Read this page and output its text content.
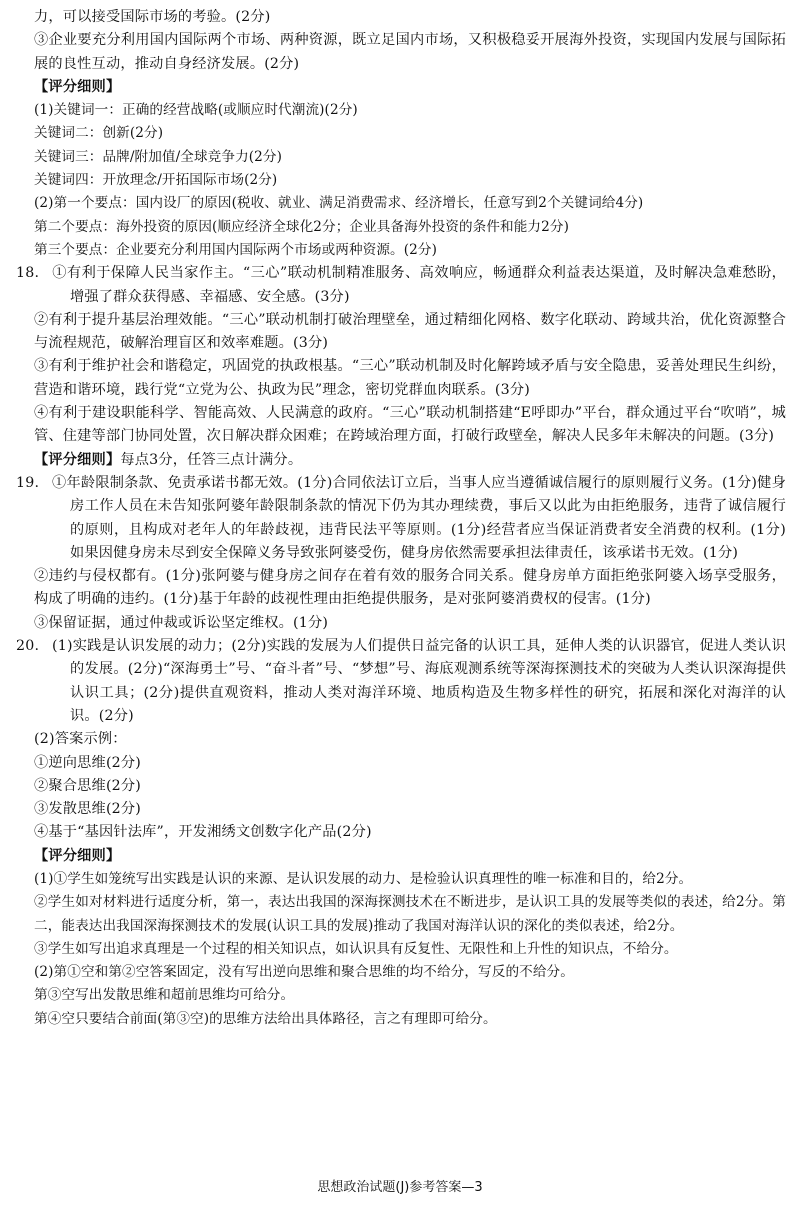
力，可以接受国际市场的考验。(2分)

③企业要充分利用国内国际两个市场、两种资源，既立足国内市场，又积极稳妥开展海外投资，实现国内发展与国际拓展的良性互动，推动自身经济发展。(2分)

【评分细则】

(1)关键词一：正确的经营战略(或顺应时代潮流)(2分)

关键词二：创新(2分)

关键词三：品牌/附加值/全球竞争力(2分)

关键词四：开放理念/开拓国际市场(2分)

(2)第一个要点：国内设厂的原因(税收、就业、满足消费需求、经济增长，任意写到2个关键词给4分)

第二个要点：海外投资的原因(顺应经济全球化2分；企业具备海外投资的条件和能力2分)

第三个要点：企业要充分利用国内国际两个市场或两种资源。(2分)

18. ①有利于保障人民当家作主。“三心”联动机制精准服务、高效响应，畅通群众利益表达渠道，及时解决急难愁盼，增强了群众获得感、幸福感、安全感。(3分)

②有利于提升基层治理效能。“三心”联动机制打破治理壁垒，通过精细化网格、数字化联动、跨域共治，优化资源整合与流程规范，破解治理盲区和效率难题。(3分)

③有利于维护社会和谐稳定，巩固党的执政根基。“三心”联动机制及时化解跨域矛盾与安全隐患，妥善处理民生纠纷，营造和谐环境，践行党“立党为公、执政为民”理念，密切党群血肉联系。(3分)

④有利于建设职能科学、智能高效、人民满意的政府。“三心”联动机制搭建“E呼即办”平台，群众通过平台“吹哨”，城管、住建等部门协同处置，次日解决群众困难；在跨域治理方面，打破行政壁垒，解决人民多年未解决的问题。(3分)

【评分细则】每点3分，任答三点计满分。

19. ①年龄限制条款、免责承诺书都无效。(1分)合同依法订立后，当事人应当遵循诚信履行的原则履行义务。(1分)健身房工作人员在未告知张阿婆年龄限制条款的情况下仍为其办理续费，事后又以此为由拒绝服务，违背了诚信履行的原则，且构成对老年人的年龄歧视，违背民法平等原则。(1分)经营者应当保证消费者安全消费的权利。(1分)如果因健身房未尽到安全保障义务导致张阿婆受伤，健身房依然需要承担法律责任，该承诺书无效。(1分)

②违约与侵权都有。(1分)张阿婆与健身房之间存在着有效的服务合同关系。健身房单方面拒绝张阿婆入场享受服务，构成了明确的违约。(1分)基于年龄的歧视性理由拒绝提供服务，是对张阿婆消费权的侵害。(1分)

③保留证据，通过仲裁或诉讼坚定维权。(1分)

20. (1)实践是认识发展的动力；(2分)实践的发展为人们提供日益完备的认识工具，延伸人类的认识器官，促进人类认识的发展。(2分)“深海勇士”号、“奋斗者”号、“梦想”号、海底观测系统等深海探测技术的突破为人类认识深海提供认识工具；(2分)提供直观资料，推动人类对海洋环境、地质构造及生物多样性的研究，拓展和深化对海洋的认识。(2分)

(2)答案示例：

①逆向思维(2分)

②聚合思维(2分)

③发散思维(2分)

④基于“基因针法库”，开发湘绣文创数字化产品(2分)

【评分细则】

(1)①学生如笼统写出实践是认识的来源、是认识发展的动力、是检验认识真理性的唯一标准和目的，给2分。

②学生如对材料进行适度分析，第一，表达出我国的深海探测技术在不断进步，是认识工具的发展等类似的表述，给2分。第二，能表达出我国深海探测技术的发展(认识工具的发展)推动了我国对海洋认识的深化的类似表述，给2分。

③学生如写出追求真理是一个过程的相关知识点，如认识具有反复性、无限性和上升性的知识点，不给分。

(2)第①空和第②空答案固定，没有写出逆向思维和聚合思维的均不给分，写反的不给分。

第③空写出发散思维和超前思维均可给分。

第④空只要结合前面(第③空)的思维方法给出具体路径，言之有理即可给分。

思想政治试题(J)参考答案—3
